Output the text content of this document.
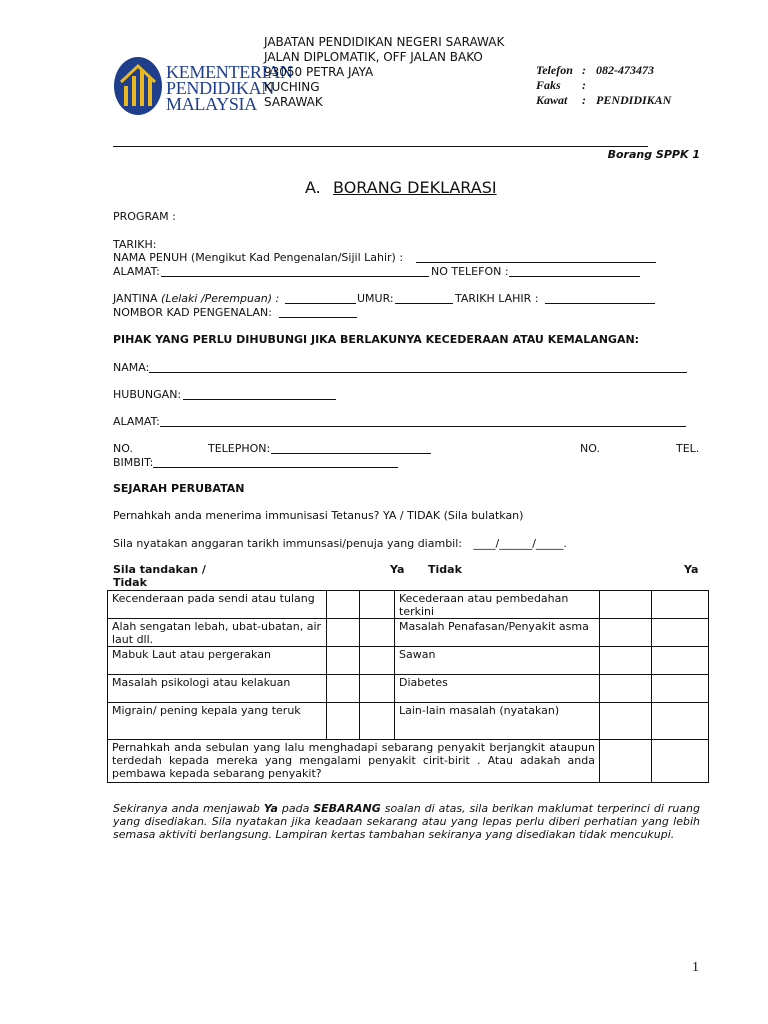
KEMENTERIAN
PENDIDIKAN
MALAYSIA
JABATAN PENDIDIKAN NEGERI SARAWAK
JALAN DIPLOMATIK, OFF JALAN BAKO
93050 PETRA JAYA
KUCHING
SARAWAK
Telefon : 082-473473
Faks :
Kawat : PENDIDIKAN
Borang SPPK 1
A. BORANG DEKLARASI
PROGRAM :
TARIKH:
NAMA PENUH (Mengikut Kad Pengenalan/Sijil Lahir) :
ALAMAT:	NO TELEFON :
JANTINA (Lelaki /Perempuan) :	UMUR:	TARIKH LAHIR :
NOMBOR KAD PENGENALAN:
PIHAK YANG PERLU DIHUBUNGI JIKA BERLAKUNYA KECEDERAAN ATAU KEMALANGAN:
NAMA:
HUBUNGAN:
ALAMAT:
NO.	TELEPHON:	NO.	TEL.
BIMBIT:
SEJARAH PERUBATAN
Pernahkah anda menerima immunisasi Tetanus? YA / TIDAK (Sila bulatkan)
Sila nyatakan anggaran tarikh immunsasi/penuja yang diambil: ____/______/_____.
Sila tandakan /
Tidak
Ya Tidak	Ya
Kecenderaan pada sendi atau tulang			Kecederaan atau pembedahan terkini		
Alah sengatan lebah, ubat-ubatan, air laut dll.			Masalah Penafasan/Penyakit asma		
Mabuk Laut atau pergerakan			Sawan		
Masalah psikologi atau kelakuan			Diabetes		
Migrain/ pening kepala yang teruk			Lain-lain masalah (nyatakan)		
Pernahkah anda sebulan yang lalu menghadapi sebarang penyakit berjangkit ataupun terdedah kepada mereka yang mengalami penyakit cirit-birit . Atau adakah anda pembawa kepada sebarang penyakit?					
Sekiranya anda menjawab Ya pada SEBARANG soalan di atas, sila berikan maklumat terperinci di ruang yang disediakan. Sila nyatakan jika keadaan sekarang atau yang lepas perlu diberi perhatian yang lebih semasa aktiviti berlangsung. Lampiran kertas tambahan sekiranya yang disediakan tidak mencukupi.
1
